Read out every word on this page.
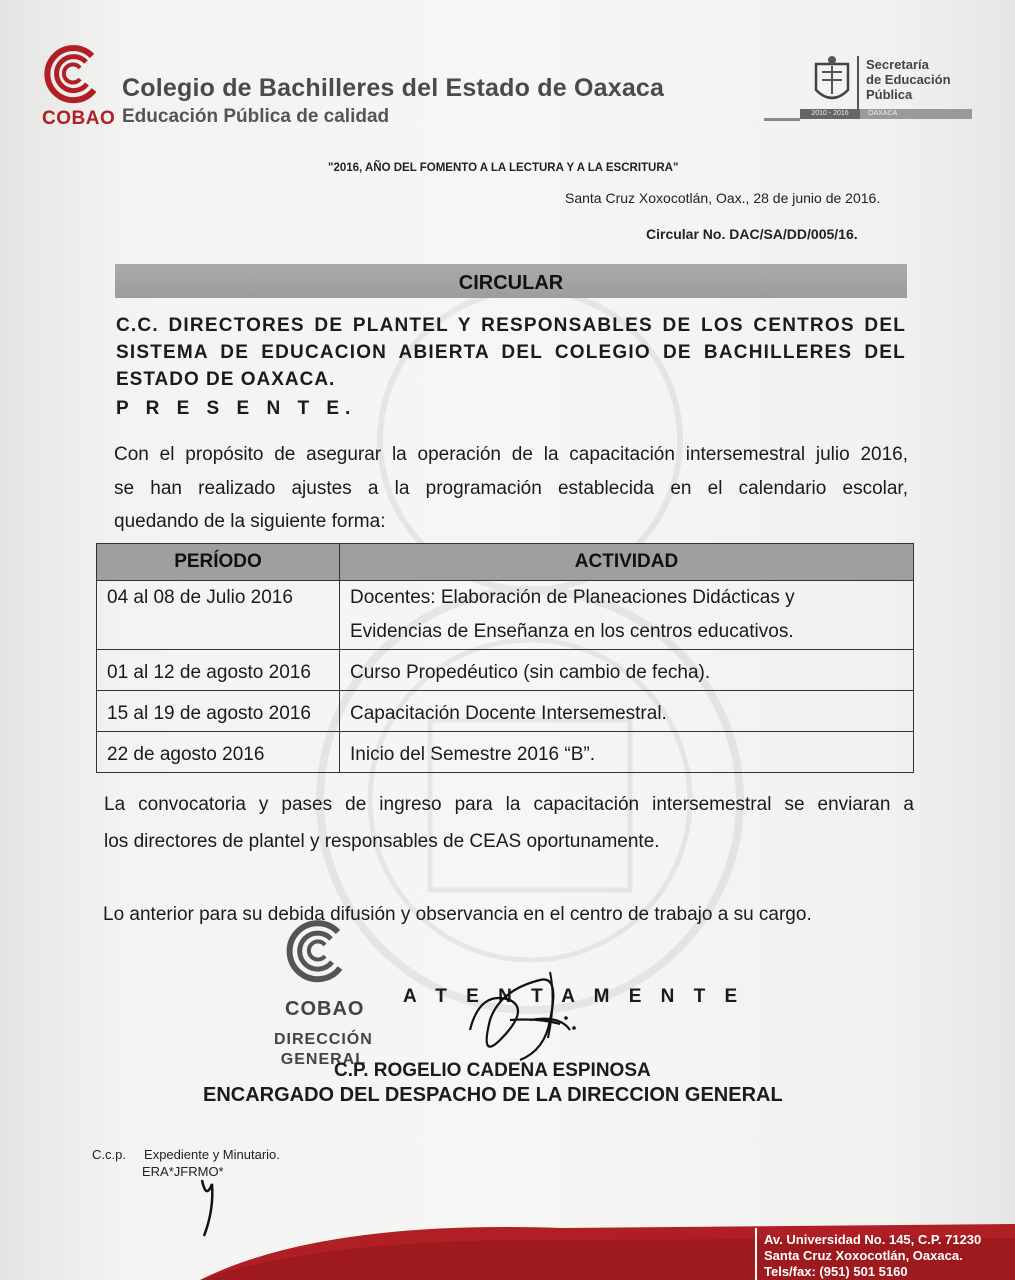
COBAO
Colegio de Bachilleres del Estado de Oaxaca
Educación Pública de calidad
Secretaría
de Educación
Pública
2010 - 2016	OAXACA
"2016, AÑO DEL FOMENTO A LA LECTURA Y A LA ESCRITURA"
Santa Cruz Xoxocotlán, Oax., 28 de junio de 2016.
Circular No. DAC/SA/DD/005/16.
CIRCULAR
C.C. DIRECTORES DE PLANTEL Y RESPONSABLES DE LOS CENTROS DEL
SISTEMA DE EDUCACION ABIERTA DEL COLEGIO DE BACHILLERES DEL
ESTADO DE OAXACA.
P R E S E N T E.
Con el propósito de asegurar la operación de la capacitación intersemestral julio 2016,
se han realizado ajustes a la programación establecida en el calendario escolar,
quedando de la siguiente forma:
PERÍODO	ACTIVIDAD
04 al 08 de Julio 2016	Docentes: Elaboración de Planeaciones Didácticas y
Evidencias de Enseñanza en los centros educativos.

01 al 12 de agosto 2016	Curso Propedéutico (sin cambio de fecha).
15 al 19 de agosto 2016	Capacitación Docente Intersemestral.
22 de agosto 2016	Inicio del Semestre 2016 “B”.
La convocatoria y pases de ingreso para la capacitación intersemestral se enviaran a
los directores de plantel y responsables de CEAS oportunamente.
Lo anterior para su debida difusión y observancia en el centro de trabajo a su cargo.
COBAO
DIRECCIÓN
GENERAL
A T E N T A M E N T E
C.P. ROGELIO CADENA ESPINOSA
ENCARGADO DEL DESPACHO DE LA DIRECCION GENERAL
C.c.p. Expediente y Minutario.
ERA*JFRMO*
Av. Universidad No. 145, C.P. 71230
Santa Cruz Xoxocotlán, Oaxaca.
Tels/fax: (951) 501 5160
